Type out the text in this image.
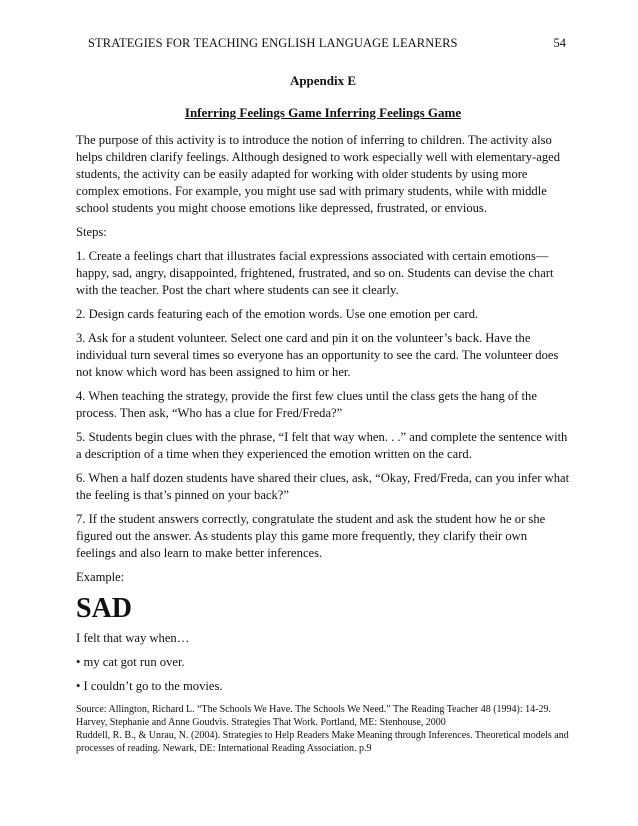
STRATEGIES FOR TEACHING ENGLISH LANGUAGE LEARNERS	54
Appendix E
Inferring Feelings Game Inferring Feelings Game

The purpose of this activity is to introduce the notion of inferring to children. The activity also helps children clarify feelings. Although designed to work especially well with elementary-aged students, the activity can be easily adapted for working with older students by using more complex emotions. For example, you might use sad with primary students, while with middle school students you might choose emotions like depressed, frustrated, or envious.

Steps:

1. Create a feelings chart that illustrates facial expressions associated with certain emotions—happy, sad, angry, disappointed, frightened, frustrated, and so on. Students can devise the chart with the teacher. Post the chart where students can see it clearly.

2. Design cards featuring each of the emotion words. Use one emotion per card.

3. Ask for a student volunteer. Select one card and pin it on the volunteer’s back. Have the individual turn several times so everyone has an opportunity to see the card. The volunteer does not know which word has been assigned to him or her.

4. When teaching the strategy, provide the first few clues until the class gets the hang of the process. Then ask, “Who has a clue for Fred/Freda?”

5. Students begin clues with the phrase, “I felt that way when. . .” and complete the sentence with a description of a time when they experienced the emotion written on the card.

6. When a half dozen students have shared their clues, ask, “Okay, Fred/Freda, can you infer what the feeling is that’s pinned on your back?”

7. If the student answers correctly, congratulate the student and ask the student how he or she figured out the answer. As students play this game more frequently, they clarify their own feelings and also learn to make better inferences.

Example:

SAD

I felt that way when…

• my cat got run over.

• I couldn’t go to the movies.

Source: Allington, Richard L. “The Schools We Have. The Schools We Need.” The Reading Teacher 48 (1994): 14-29.
Harvey, Stephanie and Anne Goudvis. Strategies That Work. Portland, ME: Stenhouse, 2000
Ruddell, R. B., & Unrau, N. (2004). Strategies to Help Readers Make Meaning through Inferences. Theoretical models and processes of reading. Newark, DE: International Reading Association. p.9
